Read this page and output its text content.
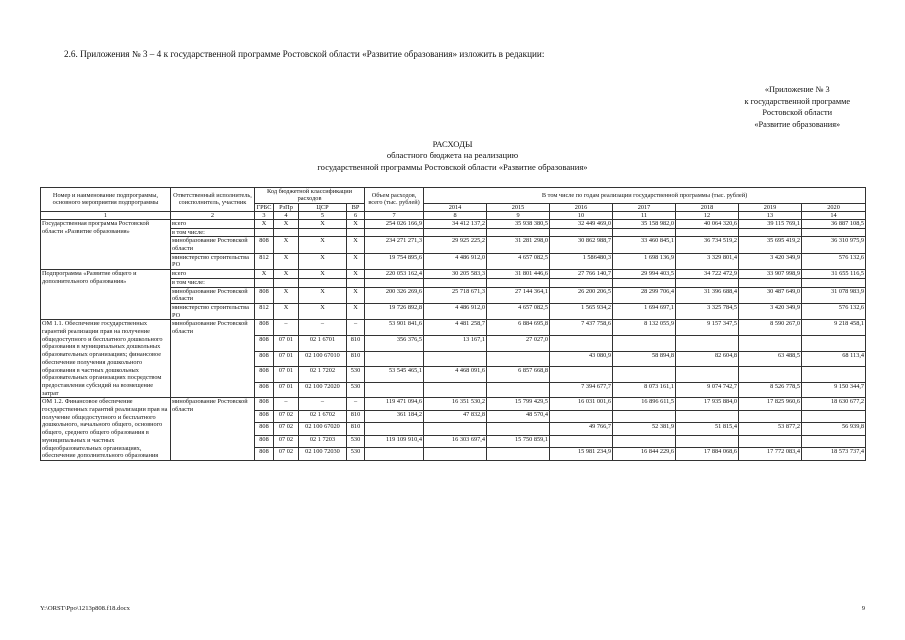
2.6. Приложения № 3 – 4 к государственной программе Ростовской области «Развитие образования» изложить в редакции:
«Приложение № 3
к государственной программе
Ростовской области
«Развитие образования»
РАСХОДЫ
областного бюджета на реализацию
государственной программы Ростовской области «Развитие образования»
Номер и наименование подпрограммы, основного мероприятия подпрограммы	Ответственный исполнитель, соисполнитель, участник	Код бюджетной классификации расходов				Объем расходов, всего (тыс. рублей)	В том числе по годам реализации государственной программы (тыс. рублей)						
		ГРБС	РзПр	ЦСР	ВР		2014	2015	2016	2017	2018	2019	2020
1	2	3	4	5	6	7	8	9	10	11	12	13	14
Государственная программа Ростовской области «Развитие образования»	всего	Х	Х	Х	Х	254 026 166,9	34 412 137,2	35 938 380,5	32 449 469,0	35 158 982,0	40 064 320,6	39 115 769,1	36 887 108,5
	в том числе:												
	минобразование Ростовской области	808	Х	Х	Х	234 271 271,3	29 925 225,2	31 281 298,0	30 862 988,7	33 460 845,1	36 734 519,2	35 695 419,2	36 310 975,9
	министерство строительства РО	812	Х	Х	Х	19 754 895,6	4 486 912,0	4 657 082,5	1 586480,3	1 698 136,9	3 329 801,4	3 420 349,9	576 132,6
Подпрограмма «Развитие общего и дополнительного образования»	всего	Х	Х	Х	Х	220 053 162,4	30 205 583,3	31 801 446,6	27 766 140,7	29 994 403,5	34 722 472,9	33 907 998,9	31 655 116,5
	в том числе:												
	минобразование Ростовской области	808	Х	Х	Х	200 326 269,6	25 718 671,3	27 144 364,1	26 200 206,5	28 299 706,4	31 396 688,4	30 487 649,0	31 078 983,9
	министерство строительства РО	812	Х	Х	Х	19 726 892,8	4 486 912,0	4 657 082,5	1 565 934,2	1 694 697,1	3 325 784,5	3 420 349,9	576 132,6
ОМ 1.1. Обеспечение государственных гарантий реализации прав на получение общедоступного и бесплатного дошкольного образования в муниципальных дошкольных образовательных организациях; финансовое обеспечение получения дошкольного образования в частных дошкольных образовательных организациях посредством предоставления субсидий на возмещение затрат	минобразование Ростовской области	808	–	–	–	53 901 841,6	4 481 258,7	6 884 695,8	7 437 758,6	8 132 055,9	9 157 347,5	8 590 267,0	9 218 458,1
		808	07 01	02 1 6701	810	356 376,5	13 167,1	27 027,0					
		808	07 01	02 100 67010	810				43 080,9	58 894,8	82 604,8	63 488,5	68 113,4
		808	07 01	02 1 7202	530	53 545 465,1	4 468 091,6	6 857 668,8					
		808	07 01	02 100 72020	530				7 394 677,7	8 073 161,1	9 074 742,7	8 526 778,5	9 150 344,7
ОМ 1.2. Финансовое обеспечение государственных гарантий реализации прав на получение общедоступного и бесплатного дошкольного, начального общего, основного общего, среднего общего образования в муниципальных и частных общеобразовательных организациях, обеспечение дополнительного образования	минобразование Ростовской области	808	–	–	–	119 471 094,6	16 351 530,2	15 799 429,5	16 031 001,6	16 896 611,5	17 935 884,0	17 825 960,6	18 630 677,2
		808	07 02	02 1 6702	810	361 184,2	47 832,8	48 570,4					
		808	07 02	02 100 67020	810				49 766,7	52 381,9	51 815,4	53 877,2	56 939,8
		808	07 02	02 1 7203	530	119 109 910,4	16 303 697,4	15 750 859,1					
		808	07 02	02 100 72030	530				15 981 234,9	16 844 229,6	17 884 068,6	17 772 083,4	18 573 737,4
Y:\ORST\Ppo\1213p808.f18.docx	9
